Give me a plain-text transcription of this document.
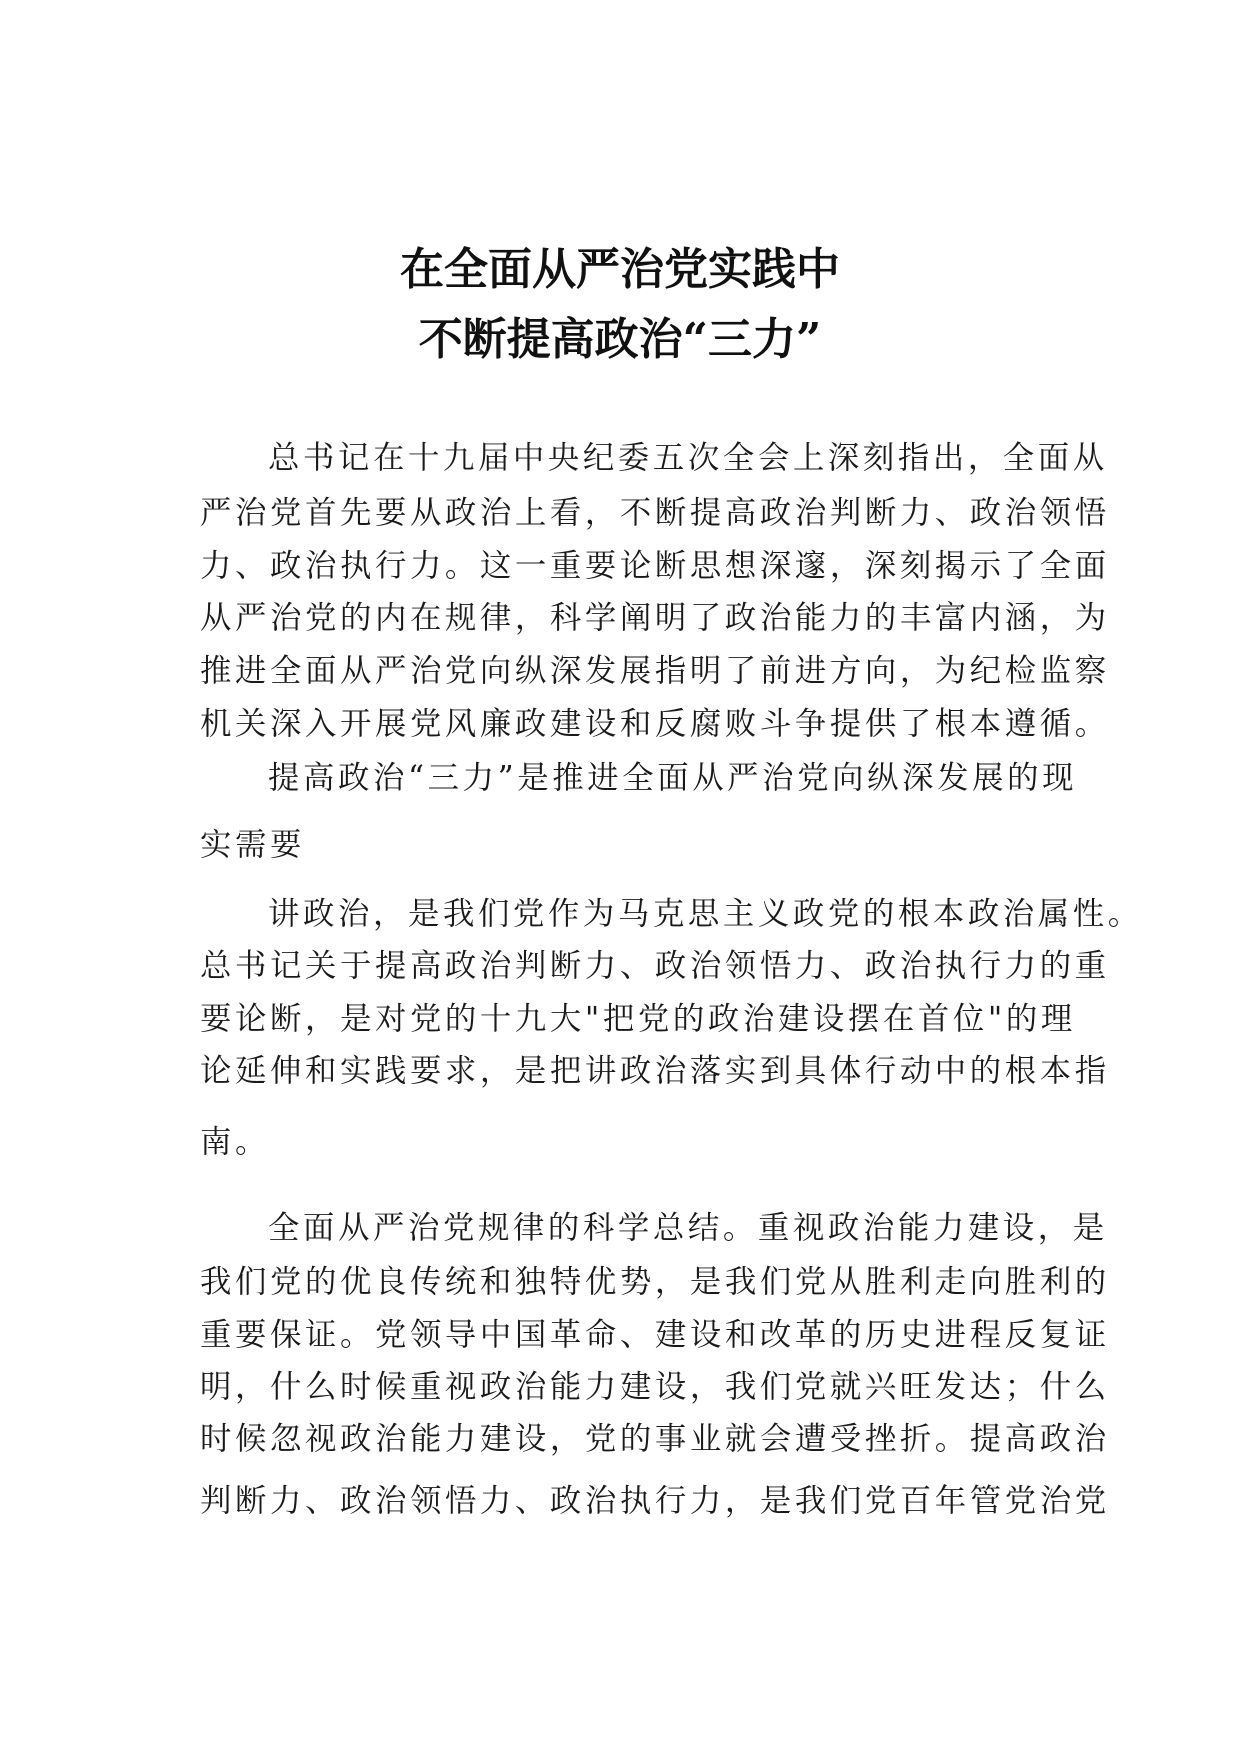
在全面从严治党实践中
不断提高政治“三力”
总书记在十九届中央纪委五次全会上深刻指出，全面从
严治党首先要从政治上看，不断提高政治判断力、政治领悟
力、政治执行力。这一重要论断思想深邃，深刻揭示了全面
从严治党的内在规律，科学阐明了政治能力的丰富内涵，为
推进全面从严治党向纵深发展指明了前进方向，为纪检监察
机关深入开展党风廉政建设和反腐败斗争提供了根本遵循。
提高政治“三力”是推进全面从严治党向纵深发展的现
实需要
讲政治，是我们党作为马克思主义政党的根本政治属性。
总书记关于提高政治判断力、政治领悟力、政治执行力的重
要论断，是对党的十九大"把党的政治建设摆在首位"的理
论延伸和实践要求，是把讲政治落实到具体行动中的根本指
南。
全面从严治党规律的科学总结。重视政治能力建设，是
我们党的优良传统和独特优势，是我们党从胜利走向胜利的
重要保证。党领导中国革命、建设和改革的历史进程反复证
明，什么时候重视政治能力建设，我们党就兴旺发达；什么
时候忽视政治能力建设，党的事业就会遭受挫折。提高政治
判断力、政治领悟力、政治执行力，是我们党百年管党治党
